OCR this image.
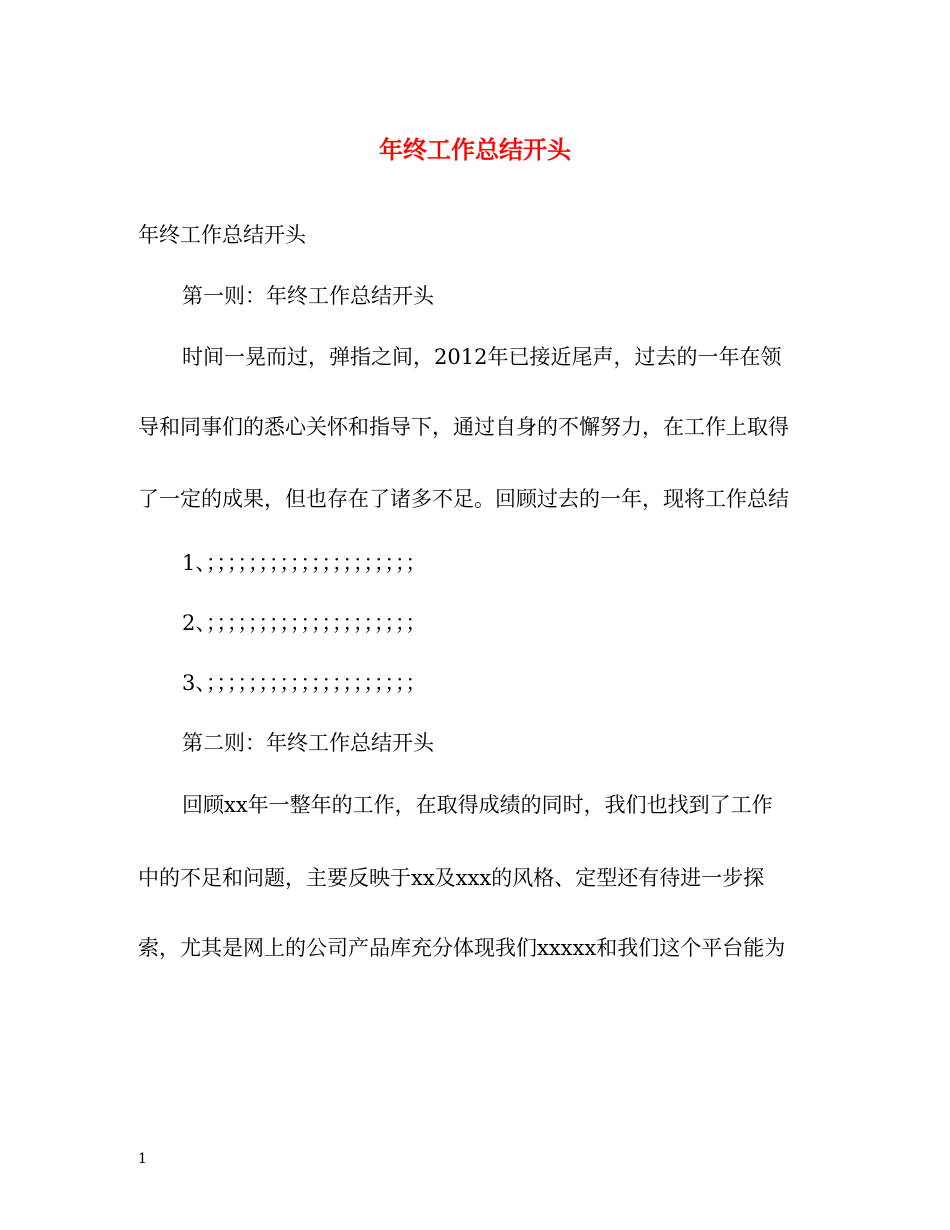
年终工作总结开头
年终工作总结开头
第一则：年终工作总结开头
时间一晃而过，弹指之间，2012年已接近尾声，过去的一年在领
导和同事们的悉心关怀和指导下，通过自身的不懈努力，在工作上取得
了一定的成果，但也存在了诸多不足。回顾过去的一年，现将工作总结
1、；；；；；；；；；；；；；；；；；；；；
2、；；；；；；；；；；；；；；；；；；；；
3、；；；；；；；；；；；；；；；；；；；；
第二则：年终工作总结开头
回顾xx年一整年的工作，在取得成绩的同时，我们也找到了工作
中的不足和问题，主要反映于xx及xxx的风格、定型还有待进一步探
索，尤其是网上的公司产品库充分体现我们xxxxx和我们这个平台能为
1
